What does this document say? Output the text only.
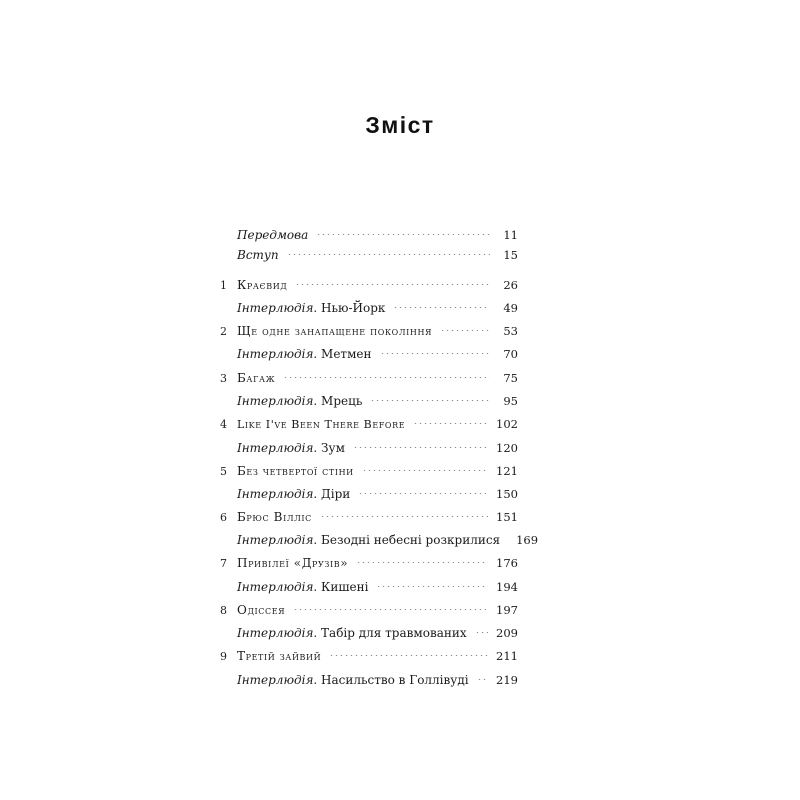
Зміст
Передмова	11
Вступ	15
1 Краєвид	26
Інтерлюдія. Нью-Йорк	49
2 Ще одне занапащене покоління	53
Інтерлюдія. Метмен	70
3 Багаж	75
Інтерлюдія. Мрець	95
4 Like I've Been There Before	102
Інтерлюдія. Зум	120
5 Без четвертої стіни	121
Інтерлюдія. Діри	150
6 Брюс Вілліс	151
Інтерлюдія. Безодні небесні розкрилися 169
7 Привілеї «Друзів»	176
Інтерлюдія. Кишені	194
8 Одіссея	197
Інтерлюдія. Табір для травмованих	209
9 Третій зайвий	211
Інтерлюдія. Насильство в Голлівуді 219
